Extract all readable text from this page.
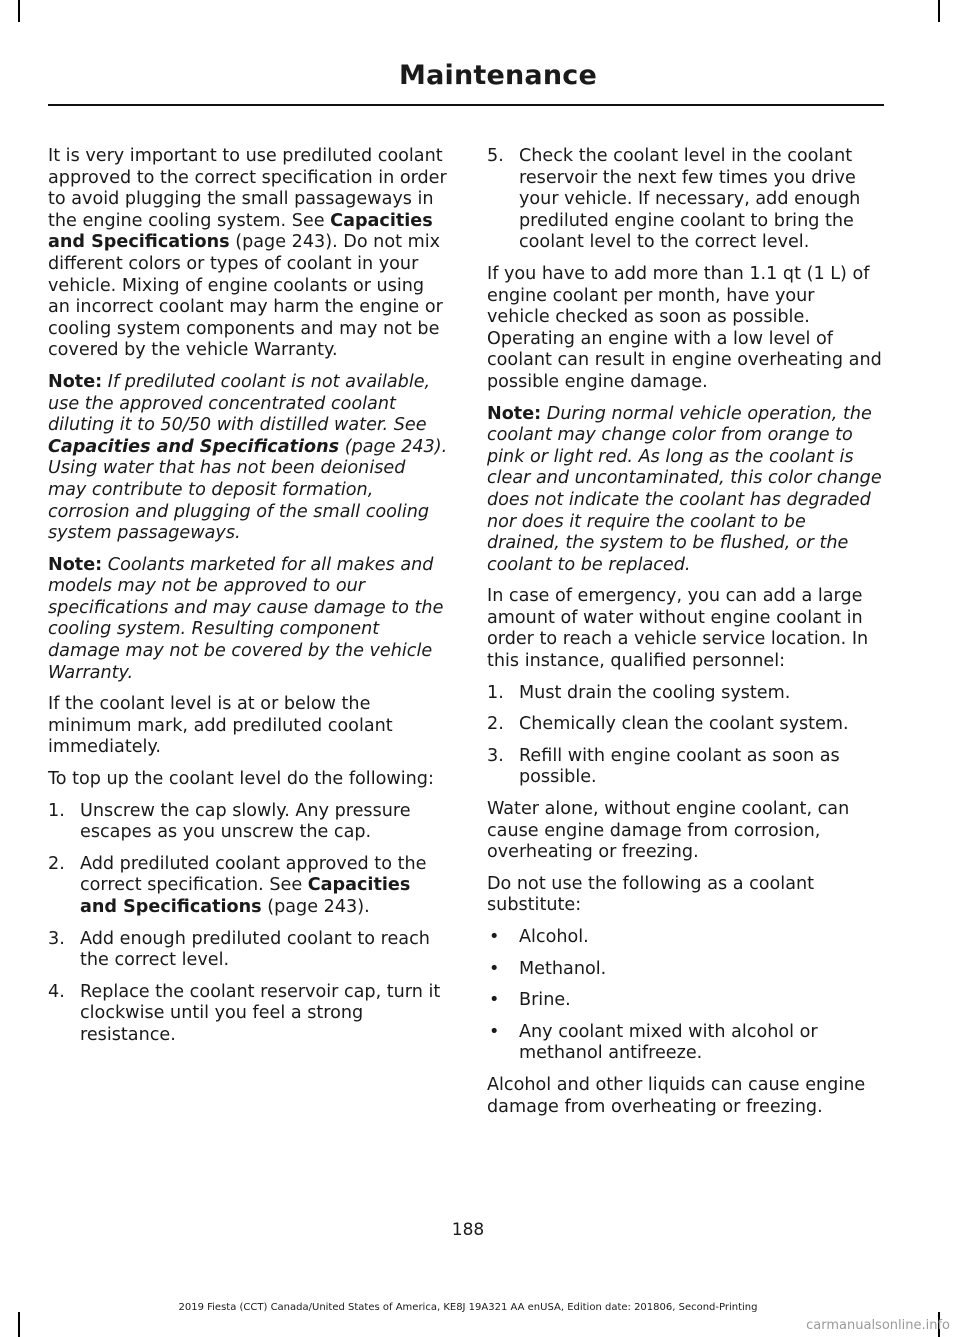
Maintenance

It is very important to use prediluted coolant approved to the correct specification in order to avoid plugging the small passageways in the engine cooling system. See Capacities and Specifications (page 243). Do not mix different colors or types of coolant in your vehicle. Mixing of engine coolants or using an incorrect coolant may harm the engine or cooling system components and may not be covered by the vehicle Warranty.

Note: If prediluted coolant is not available, use the approved concentrated coolant diluting it to 50/50 with distilled water. See Capacities and Specifications (page 243). Using water that has not been deionised may contribute to deposit formation, corrosion and plugging of the small cooling system passageways.

Note: Coolants marketed for all makes and models may not be approved to our specifications and may cause damage to the cooling system. Resulting component damage may not be covered by the vehicle Warranty.

If the coolant level is at or below the minimum mark, add prediluted coolant immediately.

To top up the coolant level do the following:

1. Unscrew the cap slowly. Any pressure escapes as you unscrew the cap.
2. Add prediluted coolant approved to the correct specification. See Capacities and Specifications (page 243).
3. Add enough prediluted coolant to reach the correct level.
4. Replace the coolant reservoir cap, turn it clockwise until you feel a strong resistance.
5. Check the coolant level in the coolant reservoir the next few times you drive your vehicle. If necessary, add enough prediluted engine coolant to bring the coolant level to the correct level.

If you have to add more than 1.1 qt (1 L) of engine coolant per month, have your vehicle checked as soon as possible. Operating an engine with a low level of coolant can result in engine overheating and possible engine damage.

Note: During normal vehicle operation, the coolant may change color from orange to pink or light red. As long as the coolant is clear and uncontaminated, this color change does not indicate the coolant has degraded nor does it require the coolant to be drained, the system to be flushed, or the coolant to be replaced.

In case of emergency, you can add a large amount of water without engine coolant in order to reach a vehicle service location. In this instance, qualified personnel:

1. Must drain the cooling system.
2. Chemically clean the coolant system.
3. Refill with engine coolant as soon as possible.

Water alone, without engine coolant, can cause engine damage from corrosion, overheating or freezing.

Do not use the following as a coolant substitute:

• Alcohol.
• Methanol.
• Brine.
• Any coolant mixed with alcohol or methanol antifreeze.

Alcohol and other liquids can cause engine damage from overheating or freezing.

188
2019 Fiesta (CCT) Canada/United States of America, KE8J 19A321 AA enUSA, Edition date: 201806, Second-Printing
carmanualsonline.info
